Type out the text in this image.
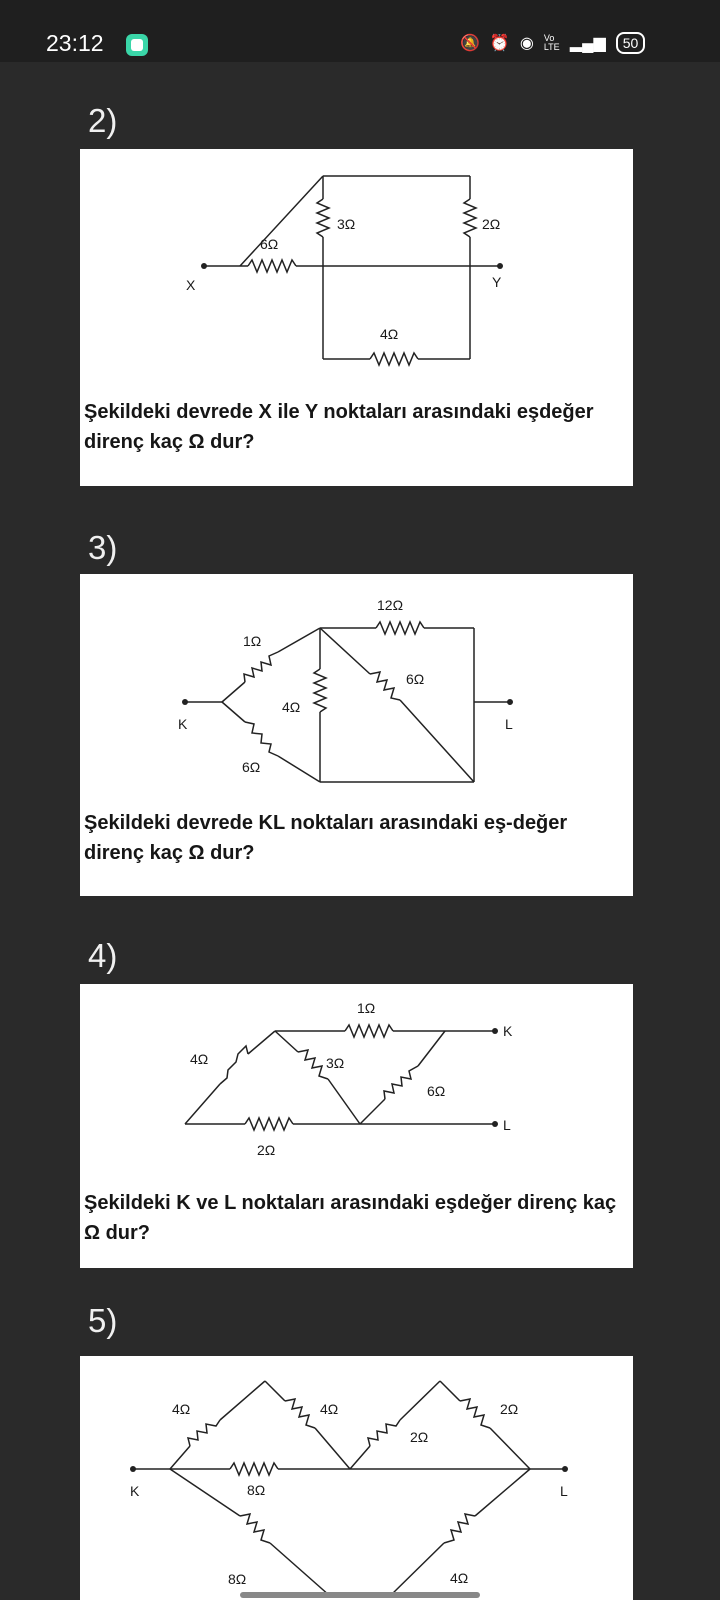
23:12	🔕 ⏰ ◉ Vo LTE ▂▄▆	50
2)
6Ω
3Ω	2Ω
4Ω
X	Y
Şekildeki devrede X ile Y noktaları arasındaki eşdeğer direnç kaç Ω dur?
3)
12Ω
1Ω
6Ω
4Ω
6Ω
K	L
Şekildeki devrede KL noktaları arasındaki eş-değer direnç kaç Ω dur?
4)
1Ω
4Ω	3Ω
6Ω
2Ω
K
L
Şekildeki K ve L noktaları arasındaki eşdeğer direnç kaç Ω dur?
5)
4Ω	4Ω
2Ω
2Ω
8Ω
8Ω	4Ω
K	L
